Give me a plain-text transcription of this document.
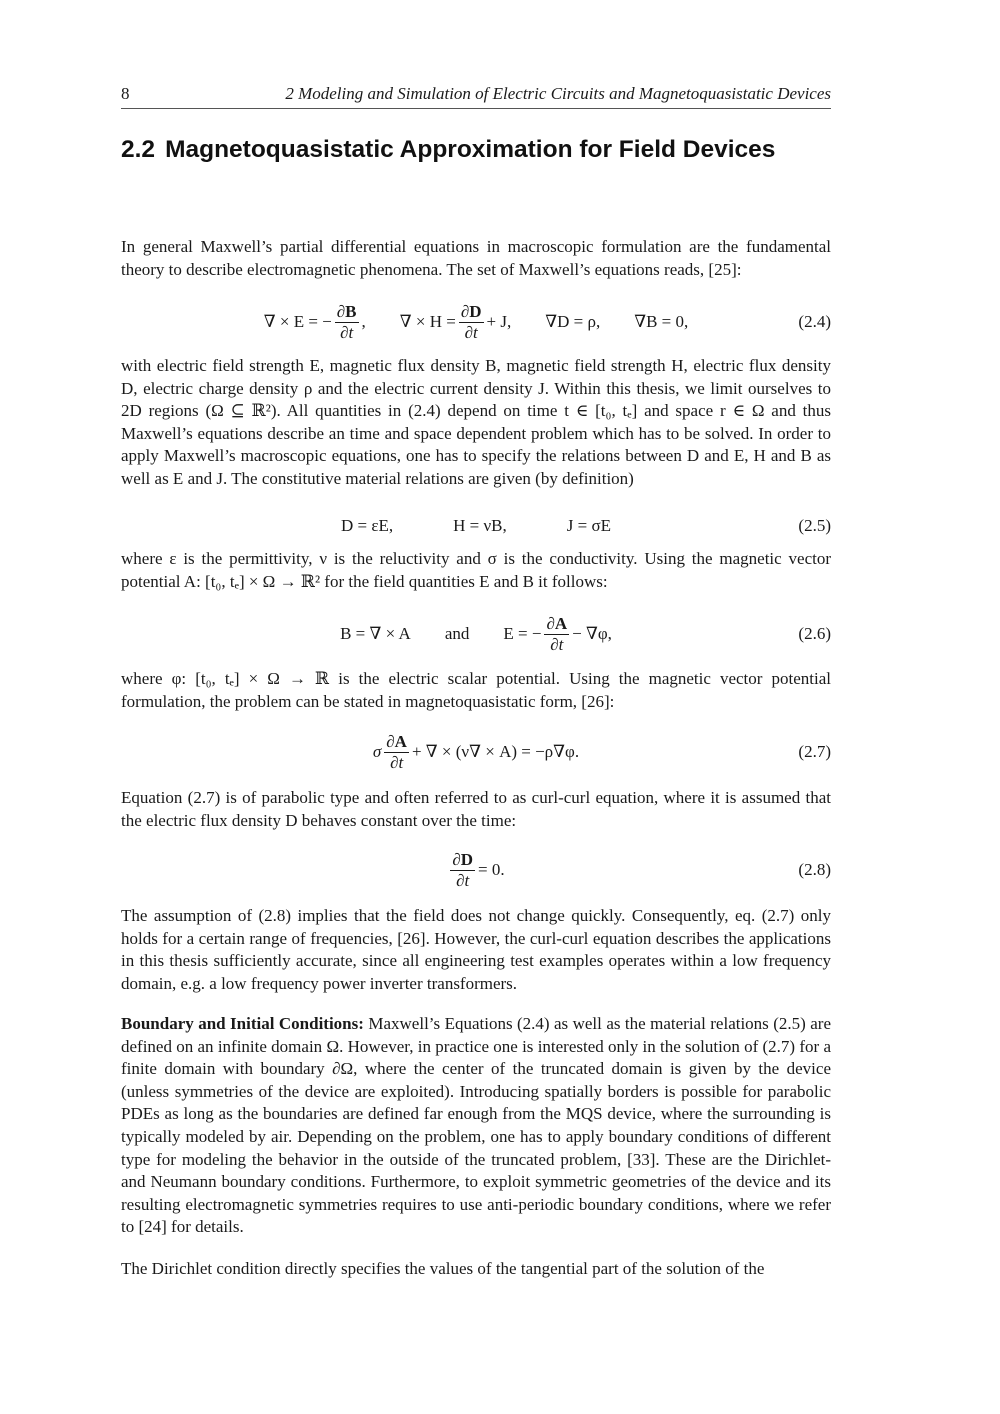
8	2 Modeling and Simulation of Electric Circuits and Magnetoquasistatic Devices
2.2 Magnetoquasistatic Approximation for Field Devices

In general Maxwell’s partial differential equations in macroscopic formulation are the fundamental theory to describe electromagnetic phenomena. The set of Maxwell’s equations reads, [25]:

∇ × E = − $\frac{\partial B}{\partial t}$ , ∇ × $H = \frac{\partial D}{\partial t} + J$, ∇D = ρ, ∇B = 0,	(2.4)

with electric field strength E, magnetic flux density B, magnetic field strength H, electric flux density D, electric charge density ρ and the electric current density J. Within this thesis, we limit ourselves to 2D regions (Ω ⊆ ℝ²). All quantities in (2.4) depend on time t ∈ [t₀, tₑ] and space r ∈ Ω and thus Maxwell’s equations describe an time and space dependent problem which has to be solved. In order to apply Maxwell’s macroscopic equations, one has to specify the relations between D and E, H and B as well as E and J. The constitutive material relations are given (by definition)

D = εE,	H = νB,	J = σE	(2.5)

where ε is the permittivity, ν is the reluctivity and σ is the conductivity. Using the magnetic vector potential A: [t₀, tₑ] × Ω → ℝ² for the field quantities E and B it follows:

B = ∇ × A and E = − $\frac{\partial A}{\partial t} - \nabla\varphi$,	(2.6)

where φ: [t₀, tₑ] × Ω → ℝ is the electric scalar potential. Using the magnetic vector potential formulation, the problem can be stated in magnetoquasistatic form, [26]:

σ $\frac{\partial A}{\partial t}$ + ∇ × (ν∇ × A) = −ρ∇φ.	(2.7)

Equation (2.7) is of parabolic type and often referred to as curl-curl equation, where it is assumed that the electric flux density D behaves constant over the time:

$\frac{\partial D}{\partial t} = 0$.	(2.8)

The assumption of (2.8) implies that the field does not change quickly. Consequently, eq. (2.7) only holds for a certain range of frequencies, [26]. However, the curl-curl equation describes the applications in this thesis sufficiently accurate, since all engineering test examples operates within a low frequency domain, e.g. a low frequency power inverter transformers.

Boundary and Initial Conditions: Maxwell’s Equations (2.4) as well as the material relations (2.5) are defined on an infinite domain Ω. However, in practice one is interested only in the solution of (2.7) for a finite domain with boundary ∂Ω, where the center of the truncated domain is given by the device (unless symmetries of the device are exploited). Introducing spatially borders is possible for parabolic PDEs as long as the boundaries are defined far enough from the MQS device, where the surrounding is typically modeled by air. Depending on the problem, one has to apply boundary conditions of different type for modeling the behavior in the outside of the truncated problem, [33]. These are the Dirichlet- and Neumann boundary conditions. Furthermore, to exploit symmetric geometries of the device and its resulting electromagnetic symmetries requires to use anti-periodic boundary conditions, where we refer to [24] for details.

The Dirichlet condition directly specifies the values of the tangential part of the solution of the
